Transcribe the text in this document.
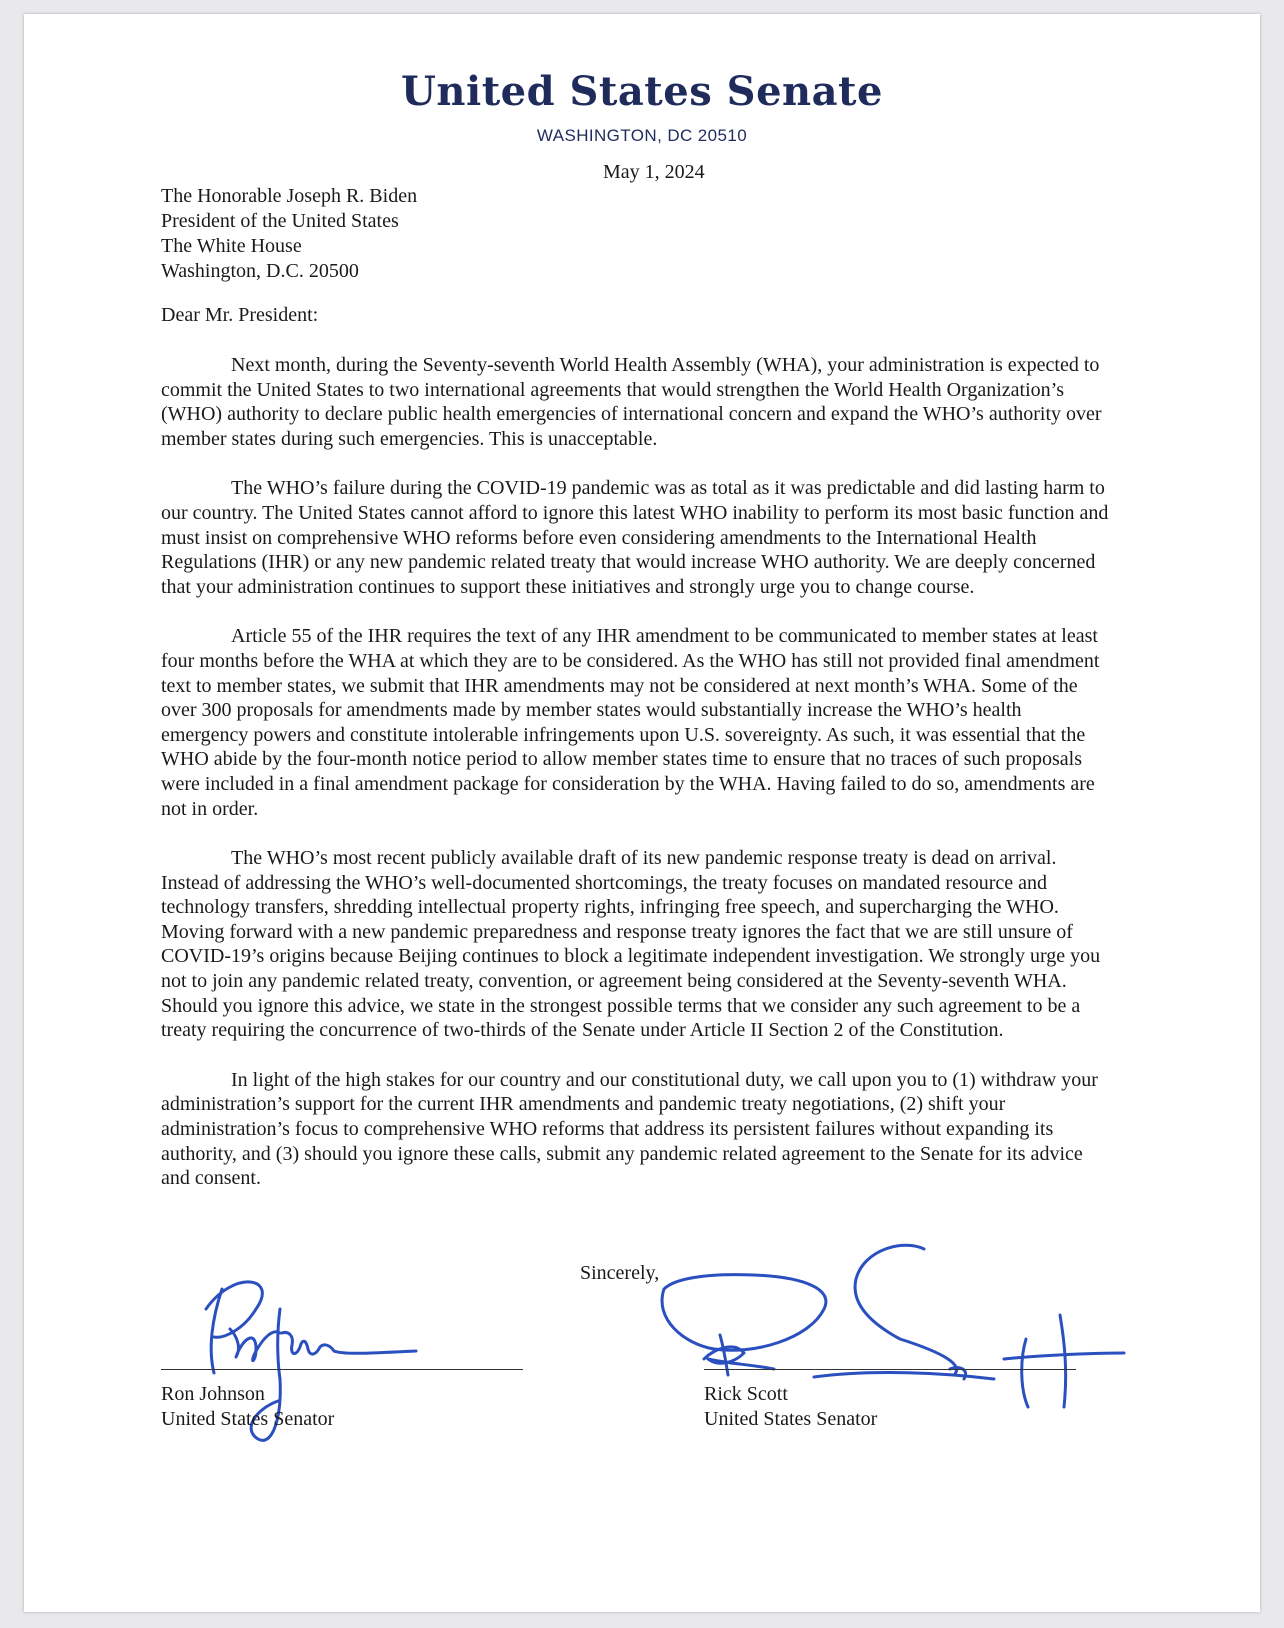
United States Senate
WASHINGTON, DC 20510
May 1, 2024
The Honorable Joseph R. Biden
President of the United States
The White House
Washington, D.C. 20500
Dear Mr. President:

Next month, during the Seventy-seventh World Health Assembly (WHA), your administration is expected to commit the United States to two international agreements that would strengthen the World Health Organization’s (WHO) authority to declare public health emergencies of international concern and expand the WHO’s authority over member states during such emergencies. This is unacceptable.

The WHO’s failure during the COVID-19 pandemic was as total as it was predictable and did lasting harm to our country. The United States cannot afford to ignore this latest WHO inability to perform its most basic function and must insist on comprehensive WHO reforms before even considering amendments to the International Health Regulations (IHR) or any new pandemic related treaty that would increase WHO authority. We are deeply concerned that your administration continues to support these initiatives and strongly urge you to change course.

Article 55 of the IHR requires the text of any IHR amendment to be communicated to member states at least four months before the WHA at which they are to be considered. As the WHO has still not provided final amendment text to member states, we submit that IHR amendments may not be considered at next month’s WHA. Some of the over 300 proposals for amendments made by member states would substantially increase the WHO’s health emergency powers and constitute intolerable infringements upon U.S. sovereignty. As such, it was essential that the WHO abide by the four-month notice period to allow member states time to ensure that no traces of such proposals were included in a final amendment package for consideration by the WHA. Having failed to do so, amendments are not in order.

The WHO’s most recent publicly available draft of its new pandemic response treaty is dead on arrival. Instead of addressing the WHO’s well-documented shortcomings, the treaty focuses on mandated resource and technology transfers, shredding intellectual property rights, infringing free speech, and supercharging the WHO. Moving forward with a new pandemic preparedness and response treaty ignores the fact that we are still unsure of COVID-19’s origins because Beijing continues to block a legitimate independent investigation. We strongly urge you not to join any pandemic related treaty, convention, or agreement being considered at the Seventy-seventh WHA. Should you ignore this advice, we state in the strongest possible terms that we consider any such agreement to be a treaty requiring the concurrence of two-thirds of the Senate under Article II Section 2 of the Constitution.

In light of the high stakes for our country and our constitutional duty, we call upon you to (1) withdraw your administration’s support for the current IHR amendments and pandemic treaty negotiations, (2) shift your administration’s focus to comprehensive WHO reforms that address its persistent failures without expanding its authority, and (3) should you ignore these calls, submit any pandemic related agreement to the Senate for its advice and consent.

Sincerely,
Ron Johnson
United States Senator
Rick Scott
United States Senator
